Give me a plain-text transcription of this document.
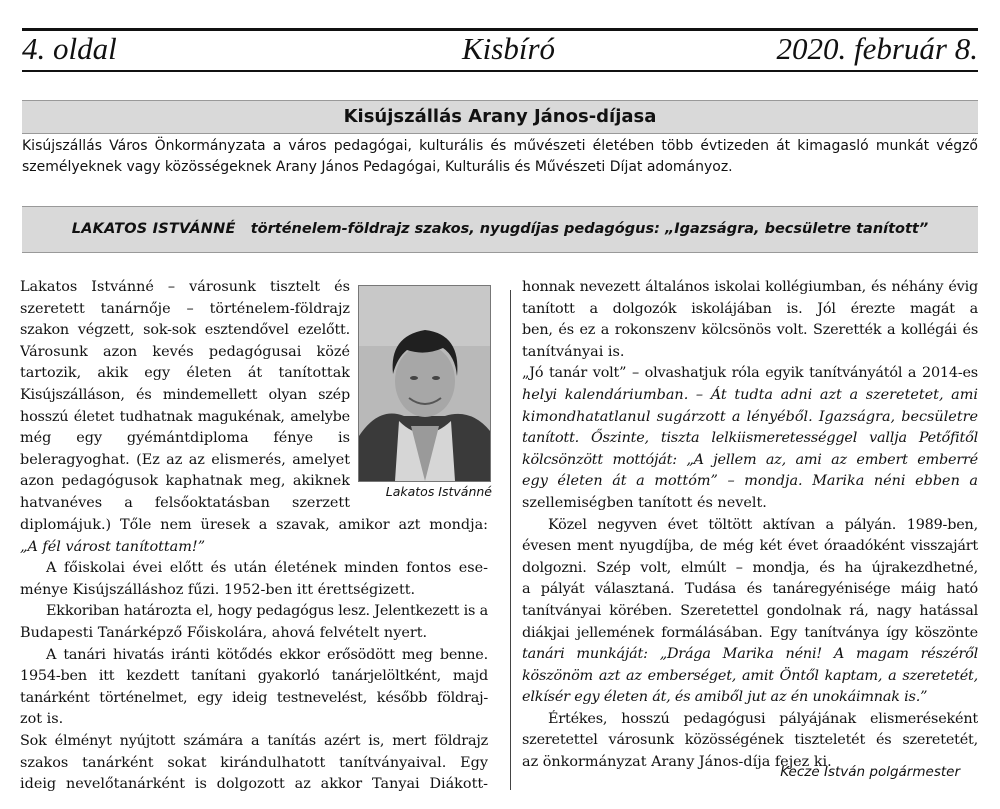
4. oldal	Kisbíró	2020. február 8.
Kisújszállás Arany János-díjasa
Kisújszállás Város Önkormányzata a város pedagógai, kulturális és művészeti életében több évtizeden át kimagasló munkát végző
személyeknek vagy közösségeknek Arany János Pedagógai, Kulturális és Művészeti Díjat adományoz.
LAKATOS ISTVÁNNÉ történelem-földrajz szakos, nyugdíjas pedagógus: „Igazságra, becsületre tanított”
Lakatos Istvánné – városunk tisztelt és
szeretett tanárnője – történelem-földrajz
szakon végzett, sok-sok esztendővel ezelőtt.
Városunk azon kevés pedagógusai közé
tartozik, akik egy életen át tanítottak
Kisújszálláson, és mindemellett olyan szép
hosszú életet tudhatnak magukénak, amelybe
még egy gyémántdiploma fénye is
beleragyoghat. (Ez az az elismerés, amelyet
azon pedagógusok kaphatnak meg, akiknek
hatvanéves a felsőoktatásban szerzett
Lakatos Istvánné
diplomájuk.) Tőle nem üresek a szavak, amikor azt mondja:
„A fél várost tanítottam!”
A főiskolai évei előtt és után életének minden fontos ese-
ménye Kisújszálláshoz fűzi. 1952-ben itt érettségizett.
Ekkoriban határozta el, hogy pedagógus lesz. Jelentkezett is a
Budapesti Tanárképző Főiskolára, ahová felvételt nyert.
A tanári hivatás iránti kötődés ekkor erősödött meg benne.
1954-ben itt kezdett tanítani gyakorló tanárjelöltként, majd
tanárként történelmet, egy ideig testnevelést, később földraj-
zot is.
Sok élményt nyújtott számára a tanítás azért is, mert földrajz
szakos tanárként sokat kirándulhatott tanítványaival. Egy
ideig nevelőtanárként is dolgozott az akkor Tanyai Diákott-
honnak nevezett általános iskolai kollégiumban, és néhány évig
tanított a dolgozók iskolájában is. Jól érezte magát a
ben, és ez a rokonszenv kölcsönös volt. Szerették a kollégái és
tanítványai is.
„Jó tanár volt” – olvashatjuk róla egyik tanítványától a 2014-es
helyi kalendáriumban. – Át tudta adni azt a szeretetet, ami
kimondhatatlanul sugárzott a lényéből. Igazságra, becsületre
tanított. Őszinte, tiszta lelkiismeretességgel vallja Petőfitől
kölcsönzött mottóját: „A jellem az, ami az embert emberré
egy életen át a mottóm” – mondja. Marika néni ebben a
szellemiségben tanított és nevelt.
Közel negyven évet töltött aktívan a pályán. 1989-ben,
évesen ment nyugdíjba, de még két évet óraadóként visszajárt
dolgozni. Szép volt, elmúlt – mondja, és ha újrakezdhetné,
a pályát választaná. Tudása és tanáregyénisége máig ható
tanítványai körében. Szeretettel gondolnak rá, nagy hatással
diákjai jellemének formálásában. Egy tanítványa így köszönte
tanári munkáját: „Drága Marika néni! A magam részéről
köszönöm azt az emberséget, amit Öntől kaptam, a szeretetét,
elkísér egy életen át, és amiből jut az én unokáimnak is.”
Értékes, hosszú pedagógusi pályájának elismeréseként
szeretettel városunk közösségének tiszteletét és szeretetét,
az önkormányzat Arany János-díja fejez ki.
Kecze István polgármester
